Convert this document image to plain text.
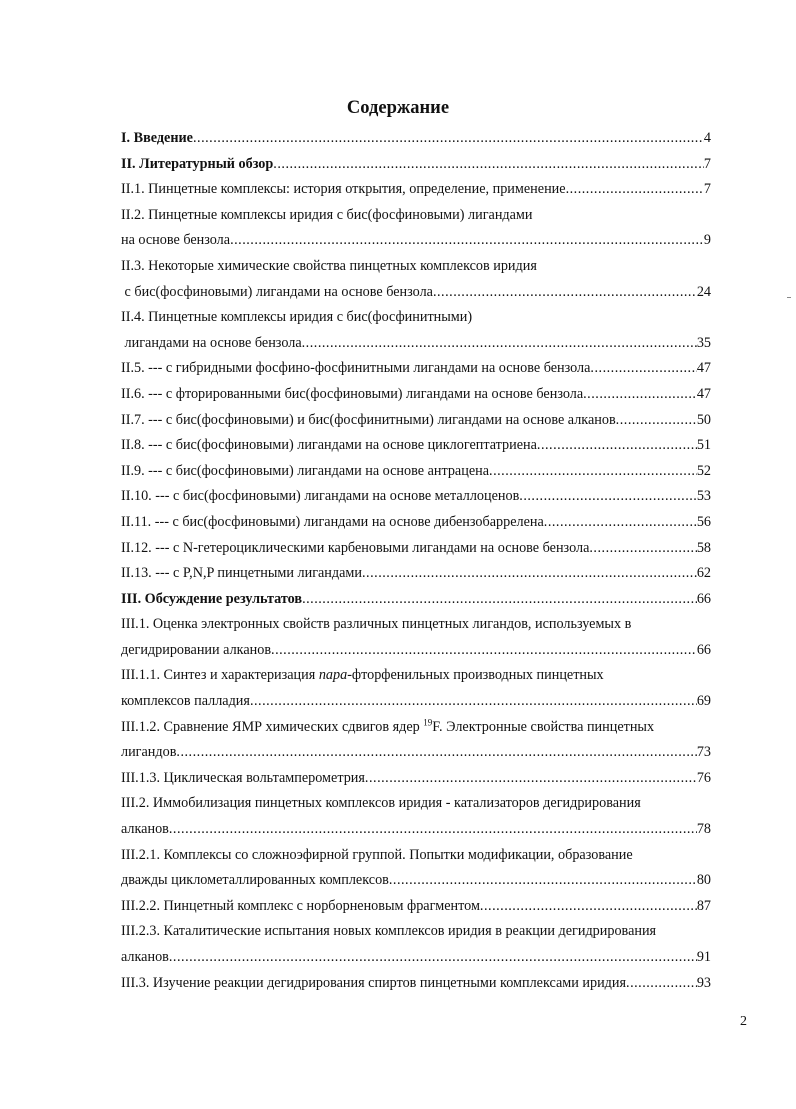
Содержание
I. Введение .....	4
II. Литературный обзор .....	7
II.1. Пинцетные комплексы: история открытия, определение, применение .....	7
II.2. Пинцетные комплексы иридия с бис(фосфиновыми) лигандами
на основе бензола .....	9
II.3. Некоторые химические свойства пинцетных комплексов иридия
с бис(фосфиновыми) лигандами на основе бензола .....	24
II.4. Пинцетные комплексы иридия с бис(фосфинитными)
лигандами на основе бензола .....	35
II.5. --- с гибридными фосфино-фосфинитными лигандами на основе бензола .....	47
II.6. --- с фторированными бис(фосфиновыми) лигандами на основе бензола .....	47
II.7. --- с бис(фосфиновыми) и бис(фосфинитными) лигандами на основе алканов .....	50
II.8. --- с бис(фосфиновыми) лигандами на основе циклогептатриена .....	51
II.9. --- с бис(фосфиновыми) лигандами на основе антрацена .....	52
II.10. --- с бис(фосфиновыми) лигандами на основе металлоценов .....	53
II.11. --- с бис(фосфиновыми) лигандами на основе дибензобаррелена .....	56
II.12. --- с N-гетероциклическими карбеновыми лигандами на основе бензола .....	58
II.13. --- с P,N,P пинцетными лигандами .....	62
III. Обсуждение результатов .....	66
III.1. Оценка электронных свойств различных пинцетных лигандов, используемых в
дегидрировании алканов .....	66
III.1.1. Синтез и характеризация пара-фторфенильных производных пинцетных
комплексов палладия .....	69
III.1.2. Сравнение ЯМР химических сдвигов ядер $^{19}$F. Электронные свойства пинцетных
лигандов .....	73
III.1.3. Циклическая вольтамперометрия .....	76
III.2. Иммобилизация пинцетных комплексов иридия - катализаторов дегидрирования
алканов .....	78
III.2.1. Комплексы со сложноэфирной группой. Попытки модификации, образование
дважды циклометаллированных комплексов .....	80
III.2.2. Пинцетный комплекс с норборненовым фрагментом .....	87
III.2.3. Каталитические испытания новых комплексов иридия в реакции дегидрирования
алканов .....	91
III.3. Изучение реакции дегидрирования спиртов пинцетными комплексами иридия .....	93
2
